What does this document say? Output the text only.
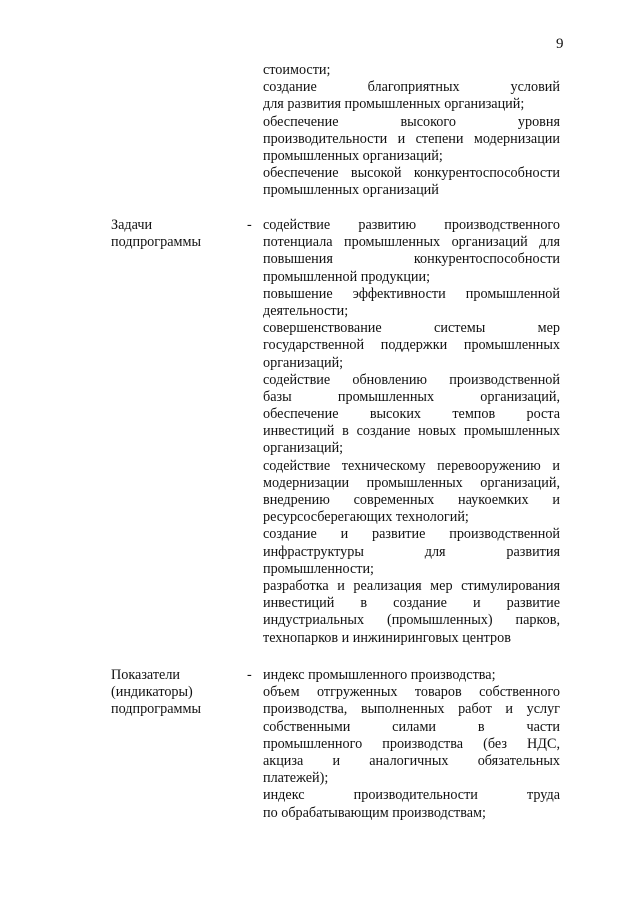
9
стоимости;
создание благоприятных условий
для развития промышленных организаций;
обеспечение высокого уровня
производительности и степени модернизации
промышленных организаций;
обеспечение высокой конкурентоспособности
промышленных организаций
Задачи
подпрограммы
- содействие развитию производственного
потенциала промышленных организаций для
повышения конкурентоспособности
промышленной продукции;
повышение эффективности промышленной
деятельности;
совершенствование системы мер
государственной поддержки промышленных
организаций;
содействие обновлению производственной
базы промышленных организаций,
обеспечение высоких темпов роста
инвестиций в создание новых промышленных
организаций;
содействие техническому перевооружению и
модернизации промышленных организаций,
внедрению современных наукоемких и
ресурсосберегающих технологий;
создание и развитие производственной
инфраструктуры для развития
промышленности;
разработка и реализация мер стимулирования
инвестиций в создание и развитие
индустриальных (промышленных) парков,
технопарков и инжиниринговых центров
Показатели
(индикаторы)
подпрограммы
- индекс промышленного производства;
объем отгруженных товаров собственного
производства, выполненных работ и услуг
собственными силами в части
промышленного производства (без НДС,
акциза и аналогичных обязательных
платежей);
индекс производительности труда
по обрабатывающим производствам;
